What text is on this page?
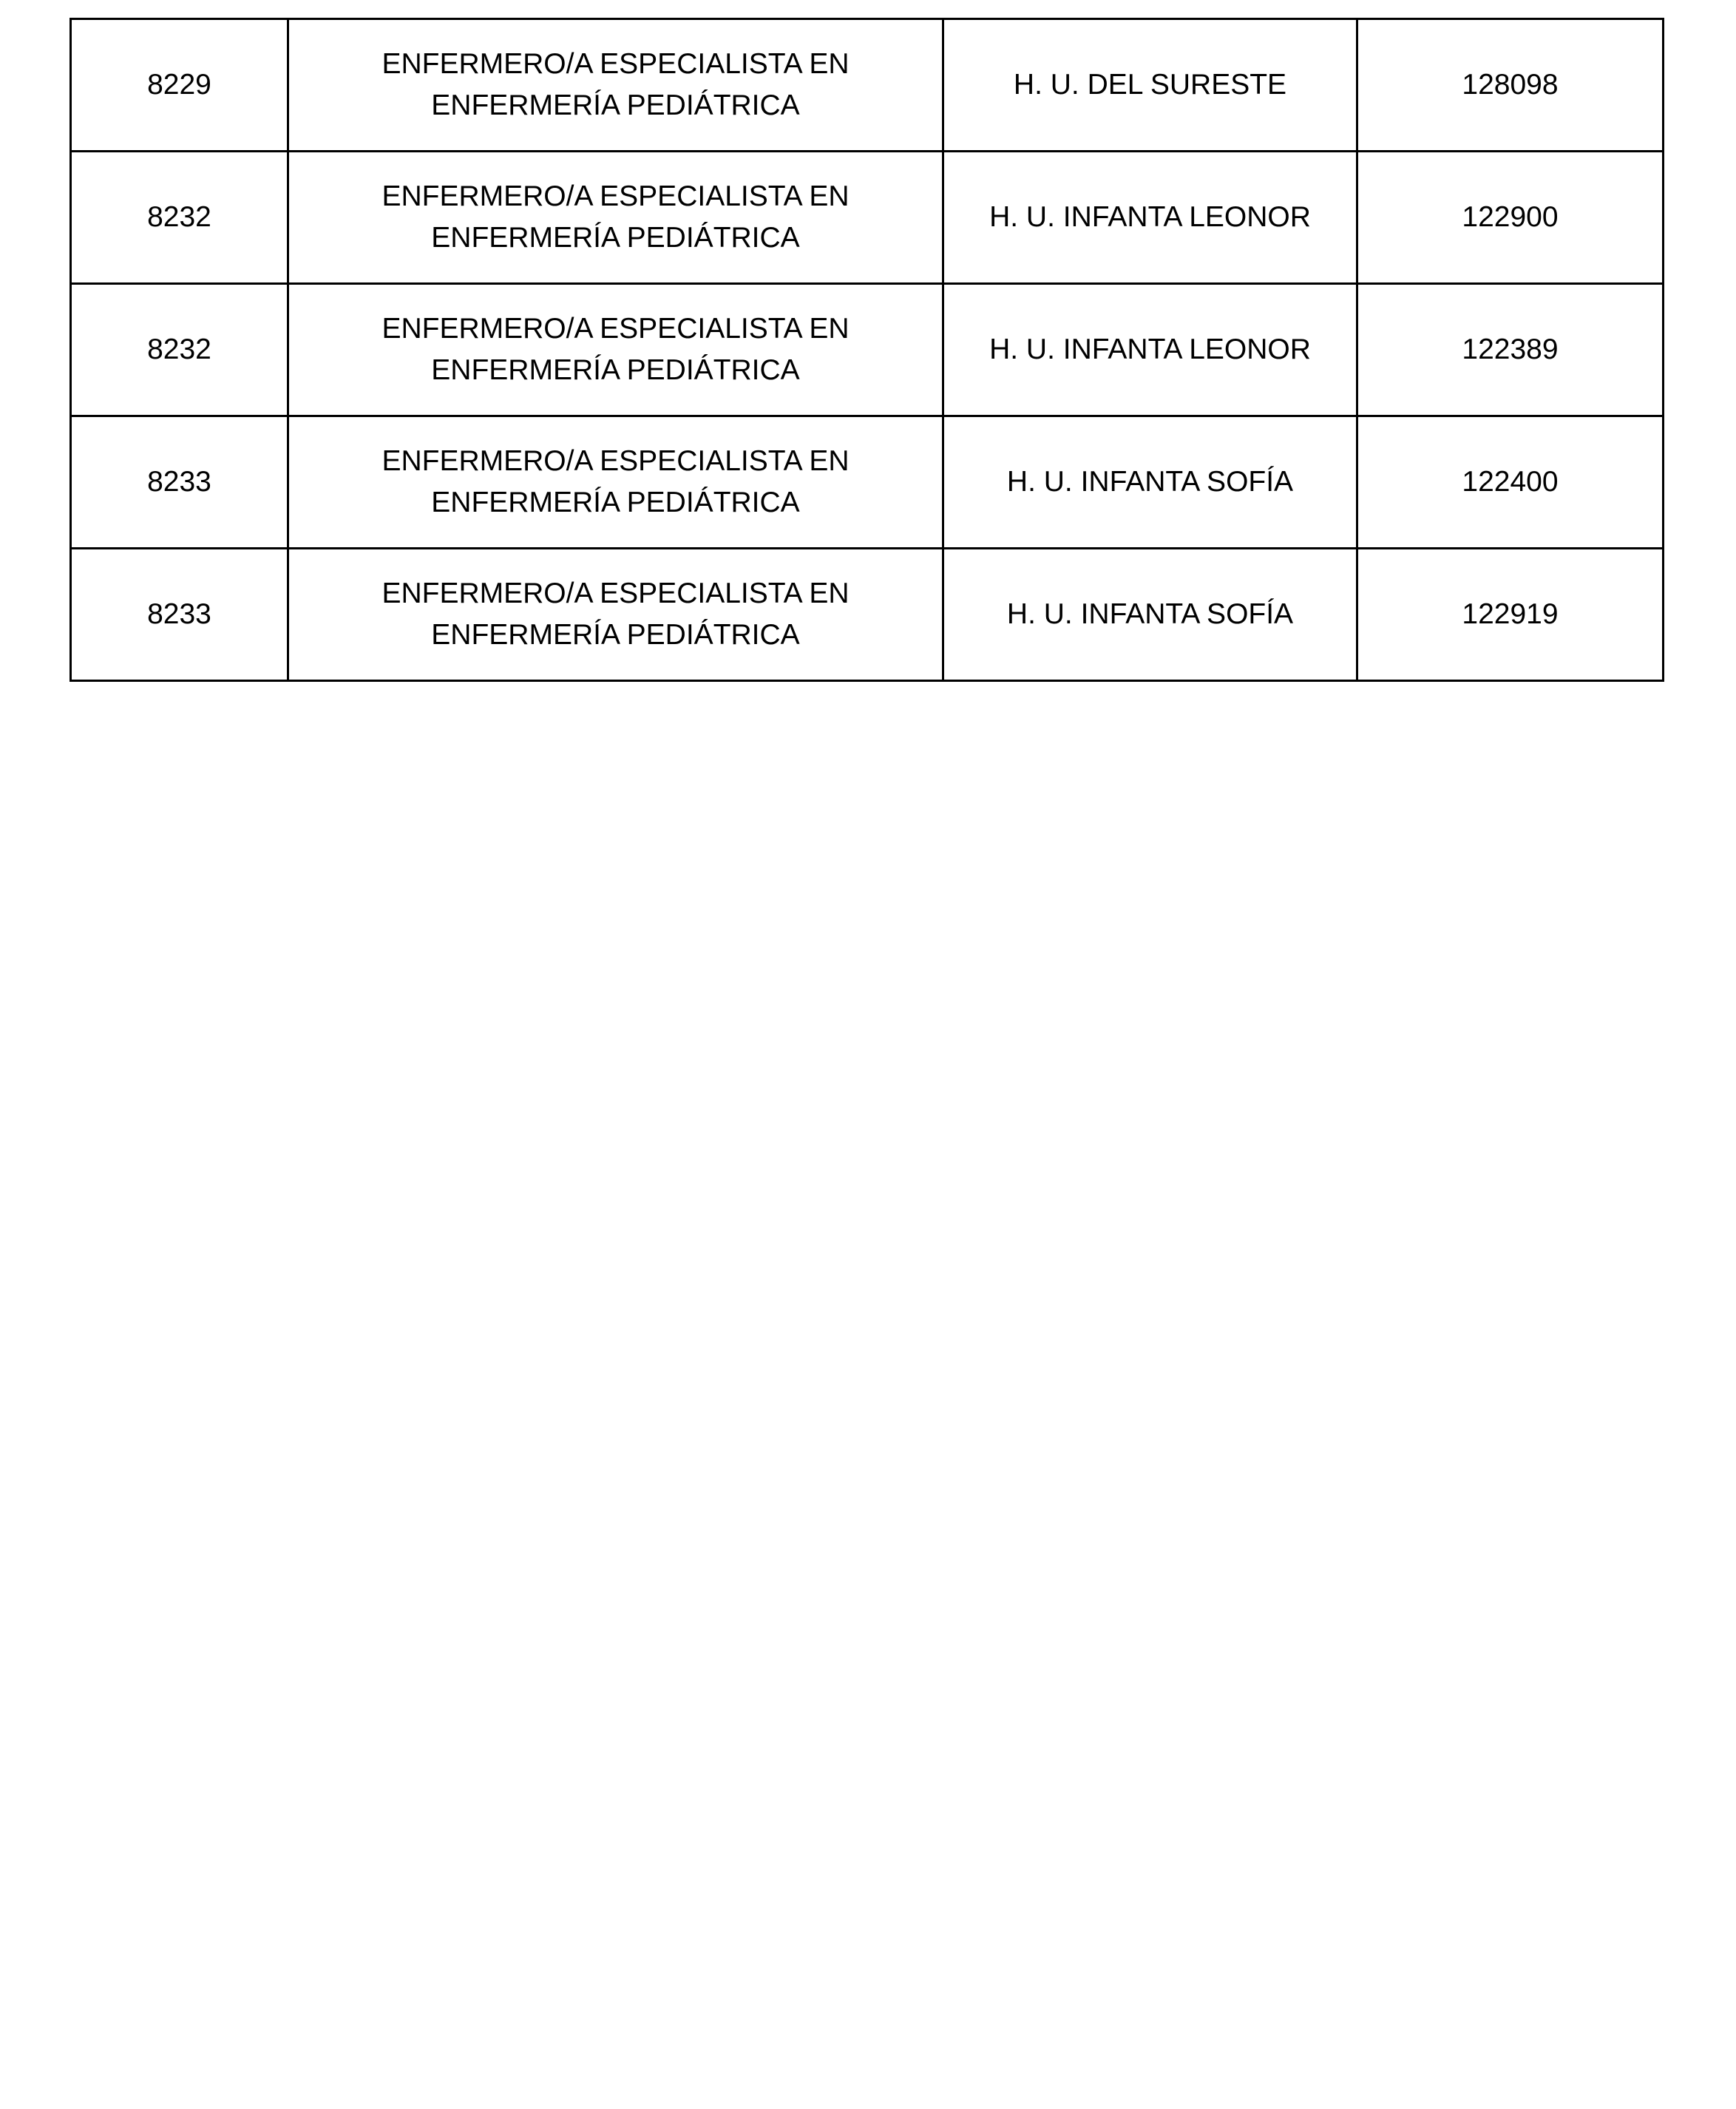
8229	ENFERMERO/A ESPECIALISTA EN ENFERMERÍA PEDIÁTRICA	H. U. DEL SURESTE	128098
8232	ENFERMERO/A ESPECIALISTA EN ENFERMERÍA PEDIÁTRICA	H. U. INFANTA LEONOR	122900
8232	ENFERMERO/A ESPECIALISTA EN ENFERMERÍA PEDIÁTRICA	H. U. INFANTA LEONOR	122389
8233	ENFERMERO/A ESPECIALISTA EN ENFERMERÍA PEDIÁTRICA	H. U. INFANTA SOFÍA	122400
8233	ENFERMERO/A ESPECIALISTA EN ENFERMERÍA PEDIÁTRICA	H. U. INFANTA SOFÍA	122919
